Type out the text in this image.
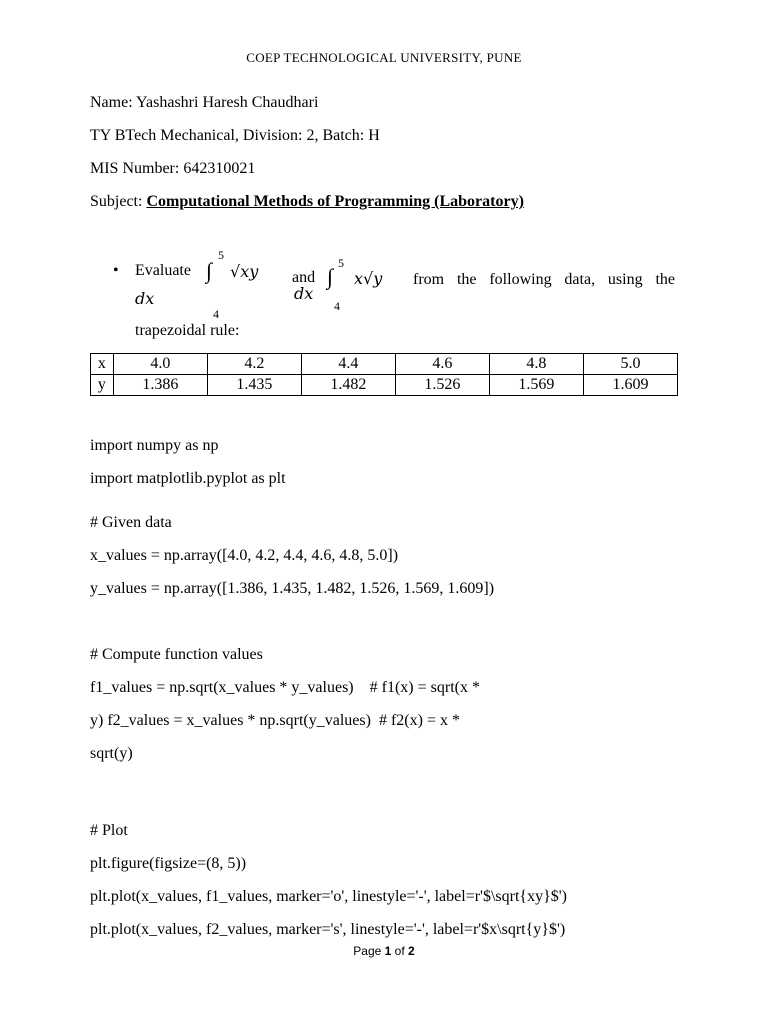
COEP TECHNOLOGICAL UNIVERSITY, PUNE
Name: Yashashri Haresh Chaudhari
TY BTech Mechanical, Division: 2, Batch: H
MIS Number: 642310021
Subject: Computational Methods of Programming (Laboratory)
• Evaluate ∫
5
4
√xy
dx
and ∫
5
4
x√y
dx
from the following data, using the
trapezoidal rule:
x	4.0	4.2	4.4	4.6	4.8	5.0
y	1.386	1.435	1.482	1.526	1.569	1.609
import numpy as np
import matplotlib.pyplot as plt
# Given data
x_values = np.array([4.0, 4.2, 4.4, 4.6, 4.8, 5.0])
y_values = np.array([1.386, 1.435, 1.482, 1.526, 1.569, 1.609])
# Compute function values
f1_values = np.sqrt(x_values * y_values)    # f1(x) = sqrt(x *
y) f2_values = x_values * np.sqrt(y_values)  # f2(x) = x *
sqrt(y)
# Plot
plt.figure(figsize=(8, 5))
plt.plot(x_values, f1_values, marker='o', linestyle='-', label=r'$\sqrt{xy}$')
plt.plot(x_values, f2_values, marker='s', linestyle='-', label=r'$x\sqrt{y}$')
Page 1 of 2
